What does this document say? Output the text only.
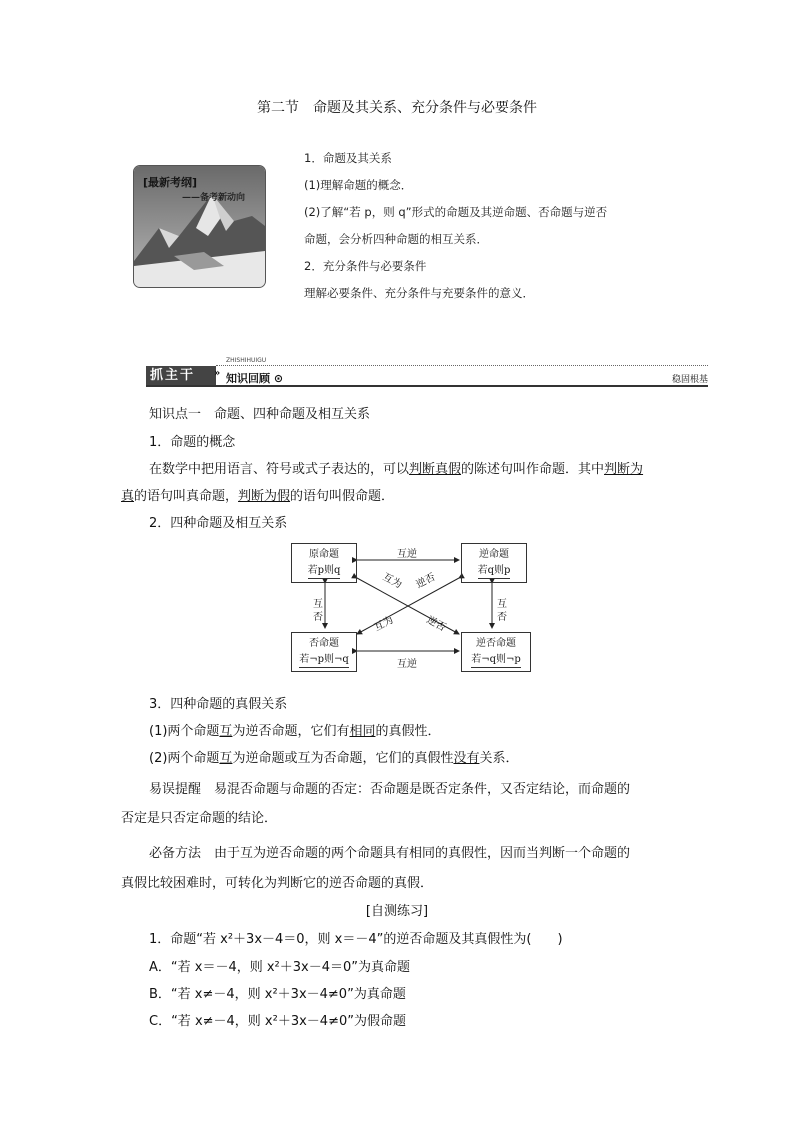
第二节　命题及其关系、充分条件与必要条件
[最新考纲]
——备考新动向
1．命题及其关系
(1)理解命题的概念．
(2)了解“若 p，则 q”形式的命题及其逆命题、否命题与逆否
命题，会分析四种命题的相互关系．
2．充分条件与必要条件
理解必要条件、充分条件与充要条件的意义．
抓主干	»
ZHISHIHUIGU
知识回顾 ⊙	稳固根基
知识点一　命题、四种命题及相互关系
1．命题的概念
在数学中把用语言、符号或式子表达的，可以判断真假的陈述句叫作命题．其中判断为
真的语句叫真命题，判断为假的语句叫假命题．
2．四种命题及相互关系
原命题
若p则q
逆命题
若q则p
否命题
若¬p则¬q
逆否命题
若¬q则¬p
互逆
互逆
互
否
互
否
互为 逆否
互为	逆否
3．四种命题的真假关系
(1)两个命题互为逆否命题，它们有相同的真假性．
(2)两个命题互为逆命题或互为否命题，它们的真假性没有关系．
易误提醒　易混否命题与命题的否定：否命题是既否定条件，又否定结论，而命题的
否定是只否定命题的结论．
必备方法　由于互为逆否命题的两个命题具有相同的真假性，因而当判断一个命题的
真假比较困难时，可转化为判断它的逆否命题的真假．
[自测练习]
1．命题“若 x²＋3x－4＝0，则 x＝－4”的逆否命题及其真假性为(　　)
A．“若 x＝－4，则 x²＋3x－4＝0”为真命题
B．“若 x≠－4，则 x²＋3x－4≠0”为真命题
C．“若 x≠－4，则 x²＋3x－4≠0”为假命题
